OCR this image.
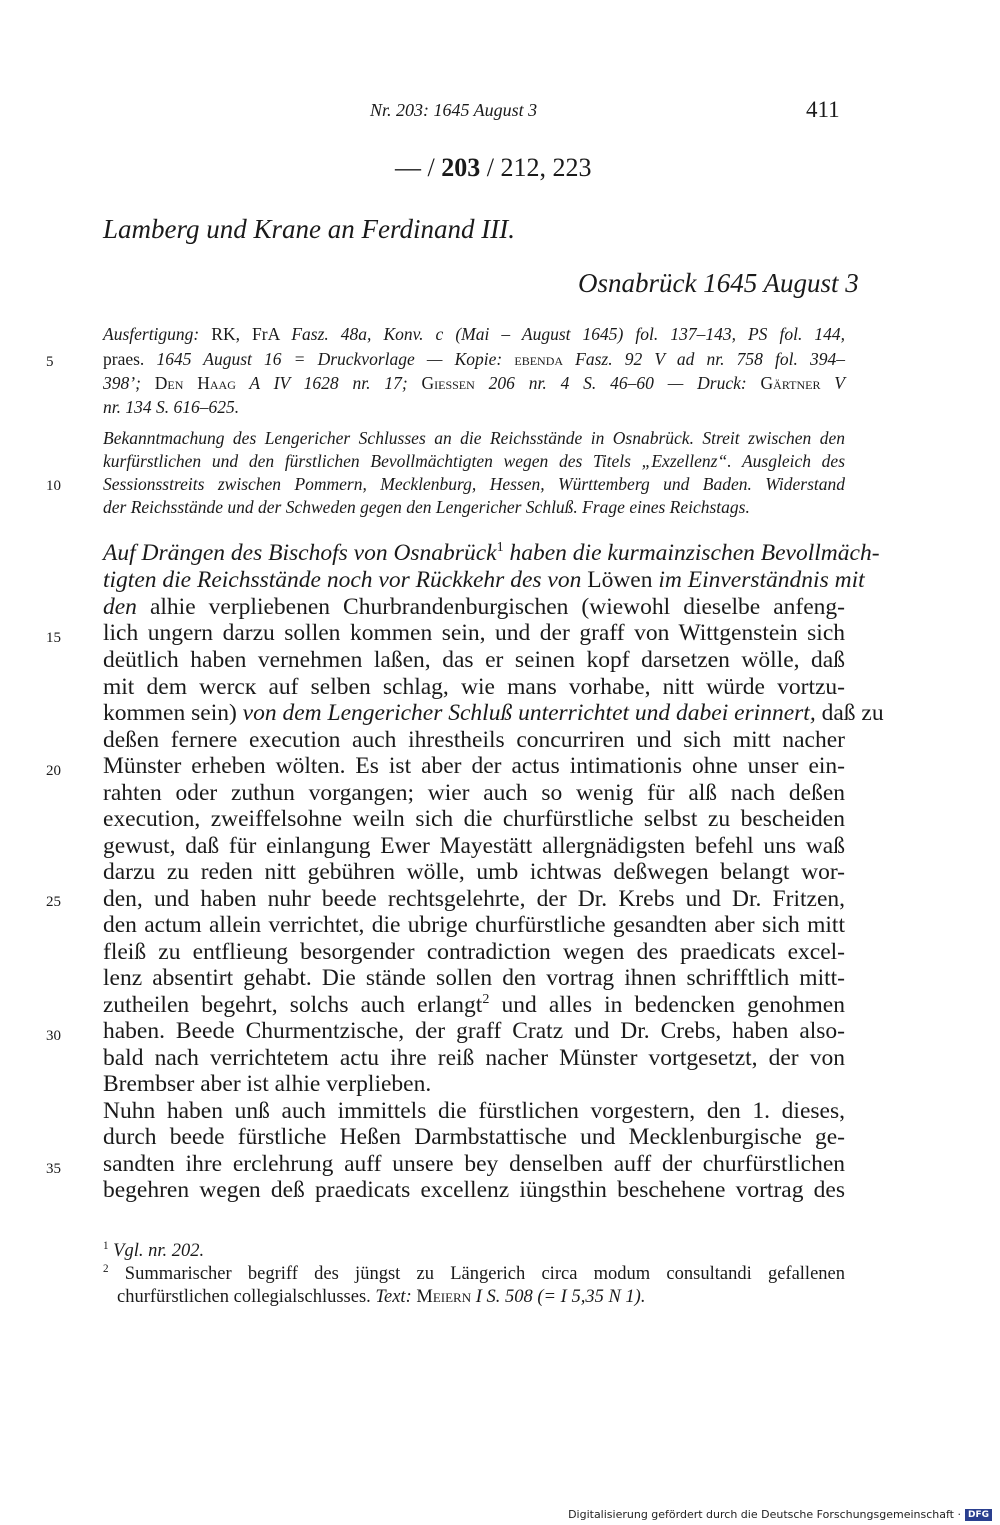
Nr. 203: 1645 August 3	411
— / 203 / 212, 223
Lamberg und Krane an Ferdinand III.
Osnabrück 1645 August 3
Ausfertigung: RK, FrA Fasz. 48a, Konv. c (Mai – August 1645) fol. 137–143, PS fol. 144,
praes. 1645 August 16 = Druckvorlage — Kopie: ebenda Fasz. 92 V ad nr. 758 fol. 394–
398’; Den Haag A IV 1628 nr. 17; Giessen 206 nr. 4 S. 46–60 — Druck: Gärtner V
nr. 134 S. 616–625.
Bekanntmachung des Lengericher Schlusses an die Reichsstände in Osnabrück. Streit zwischen den
kurfürstlichen und den fürstlichen Bevollmächtigten wegen des Titels „Exzellenz“. Ausgleich des
Sessionsstreits zwischen Pommern, Mecklenburg, Hessen, Württemberg und Baden. Widerstand
der Reichsstände und der Schweden gegen den Lengericher Schluß. Frage eines Reichstags.
5
10
15
20
25
30
35
Auf Drängen des Bischofs von Osnabrück$^1$ haben die kurmainzischen Bevollmäch-
tigten die Reichsstände noch vor Rückkehr des von Löwen im Einverständnis mit
den alhie verpliebenen Churbrandenburgischen (wiewohl dieselbe anfeng-
lich ungern darzu sollen kommen sein, und der graff von Wittgenstein sich
deütlich haben vernehmen laßen, das er seinen kopf darsetzen wölle, daß
mit dem wercк auf selben schlag, wie mans vorhabe, nitt würde vortzu-
kommen sein) von dem Lengericher Schluß unterrichtet und dabei erinnert, daß zu
deßen fernere execution auch ihrestheils concurriren und sich mitt nacher
Münster erheben wölten. Es ist aber der actus intimationis ohne unser ein-
rahten oder zuthun vorgangen; wier auch so wenig für alß nach deßen
execution, zweiffelsohne weiln sich die churfürstliche selbst zu bescheiden
gewust, daß für einlangung Ewer Mayestätt allergnädigsten befehl uns waß
darzu zu reden nitt gebühren wölle, umb ichtwas deßwegen belangt wor-
den, und haben nuhr beede rechtsgelehrte, der Dr. Krebs und Dr. Fritzen,
den actum allein verrichtet, die ubrige churfürstliche gesandten aber sich mitt
fleiß zu entflieung besorgender contradiction wegen des praedicats excel-
lenz absentirt gehabt. Die stände sollen den vortrag ihnen schrifftlich mitt-
zutheilen begehrt, solchs auch erlangt$^2$ und alles in bedencken genohmen
haben. Beede Churmentzische, der graff Cratz und Dr. Crebs, haben also-
bald nach verrichtetem actu ihre reiß nacher Münster vortgesetzt, der von
Brembser aber ist alhie verplieben.
Nuhn haben unß auch immittels die fürstlichen vorgestern, den 1. dieses,
durch beede fürstliche Heßen Darmbstattische und Mecklenburgische ge-
sandten ihre erclehrung auff unsere bey denselben auff der churfürstlichen
begehren wegen deß praedicats excellenz iüngsthin beschehene vortrag des
$^1$ Vgl. nr. 202.
$^2$ Summarischer begriff des jüngst zu Längerich circa modum consultandi gefallenen
churfürstlichen collegialschlusses. Text: Meiern I S. 508 (= I 5,35 N 1).
Digitalisierung gefördert durch die Deutsche Forschungsgemeinschaft · DFG
